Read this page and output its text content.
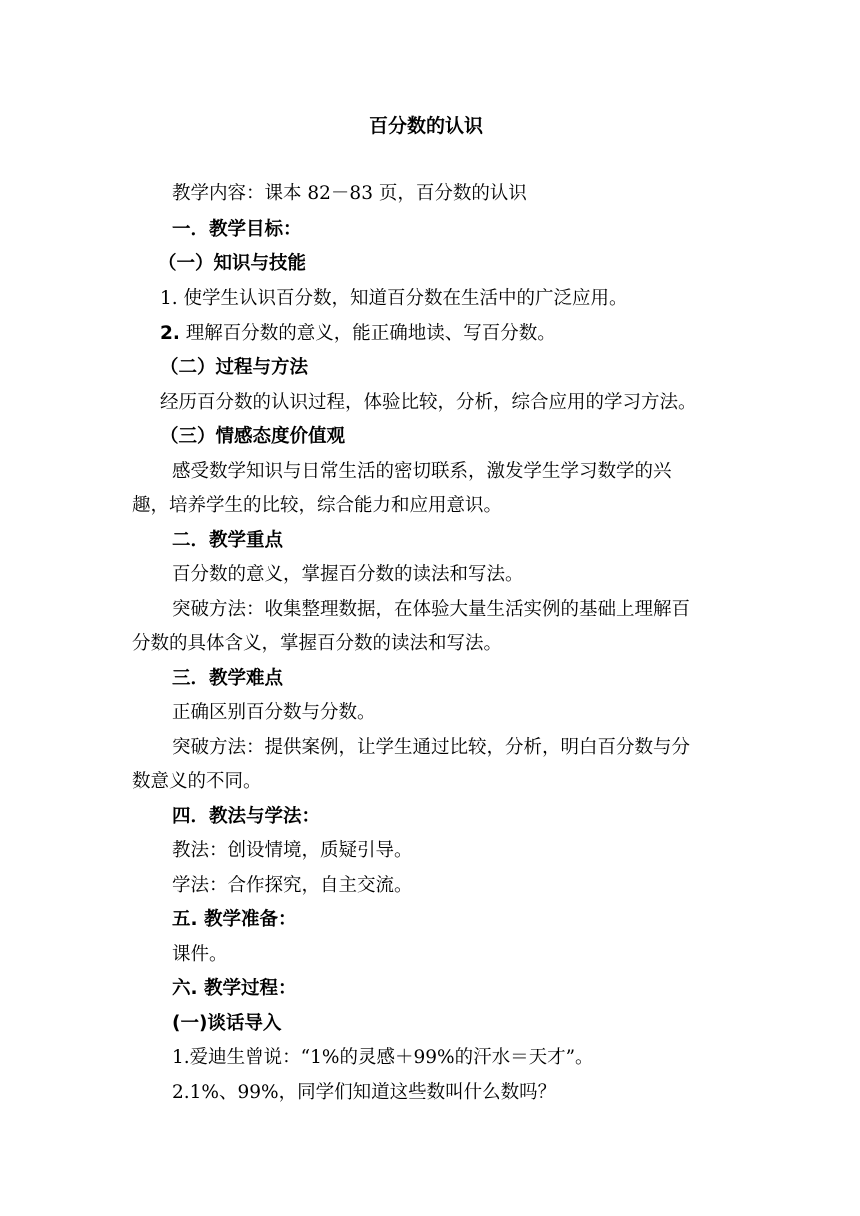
百分数的认识

教学内容：课本 82－83 页，百分数的认识

一．教学目标：

（一）知识与技能

1. 使学生认识百分数，知道百分数在生活中的广泛应用。

2. 理解百分数的意义，能正确地读、写百分数。

（二）过程与方法

经历百分数的认识过程，体验比较，分析，综合应用的学习方法。

（三）情感态度价值观

感受数学知识与日常生活的密切联系，激发学生学习数学的兴

趣，培养学生的比较，综合能力和应用意识。

二．教学重点

百分数的意义，掌握百分数的读法和写法。

突破方法：收集整理数据，在体验大量生活实例的基础上理解百

分数的具体含义，掌握百分数的读法和写法。

三．教学难点

正确区别百分数与分数。

突破方法：提供案例，让学生通过比较，分析，明白百分数与分

数意义的不同。

四．教法与学法：

教法：创设情境，质疑引导。

学法：合作探究，自主交流。

五. 教学准备：

课件。

六. 教学过程：

(一)谈话导入

1.爱迪生曾说：“1%的灵感＋99%的汗水＝天才”。

2.1%、99%，同学们知道这些数叫什么数吗？
